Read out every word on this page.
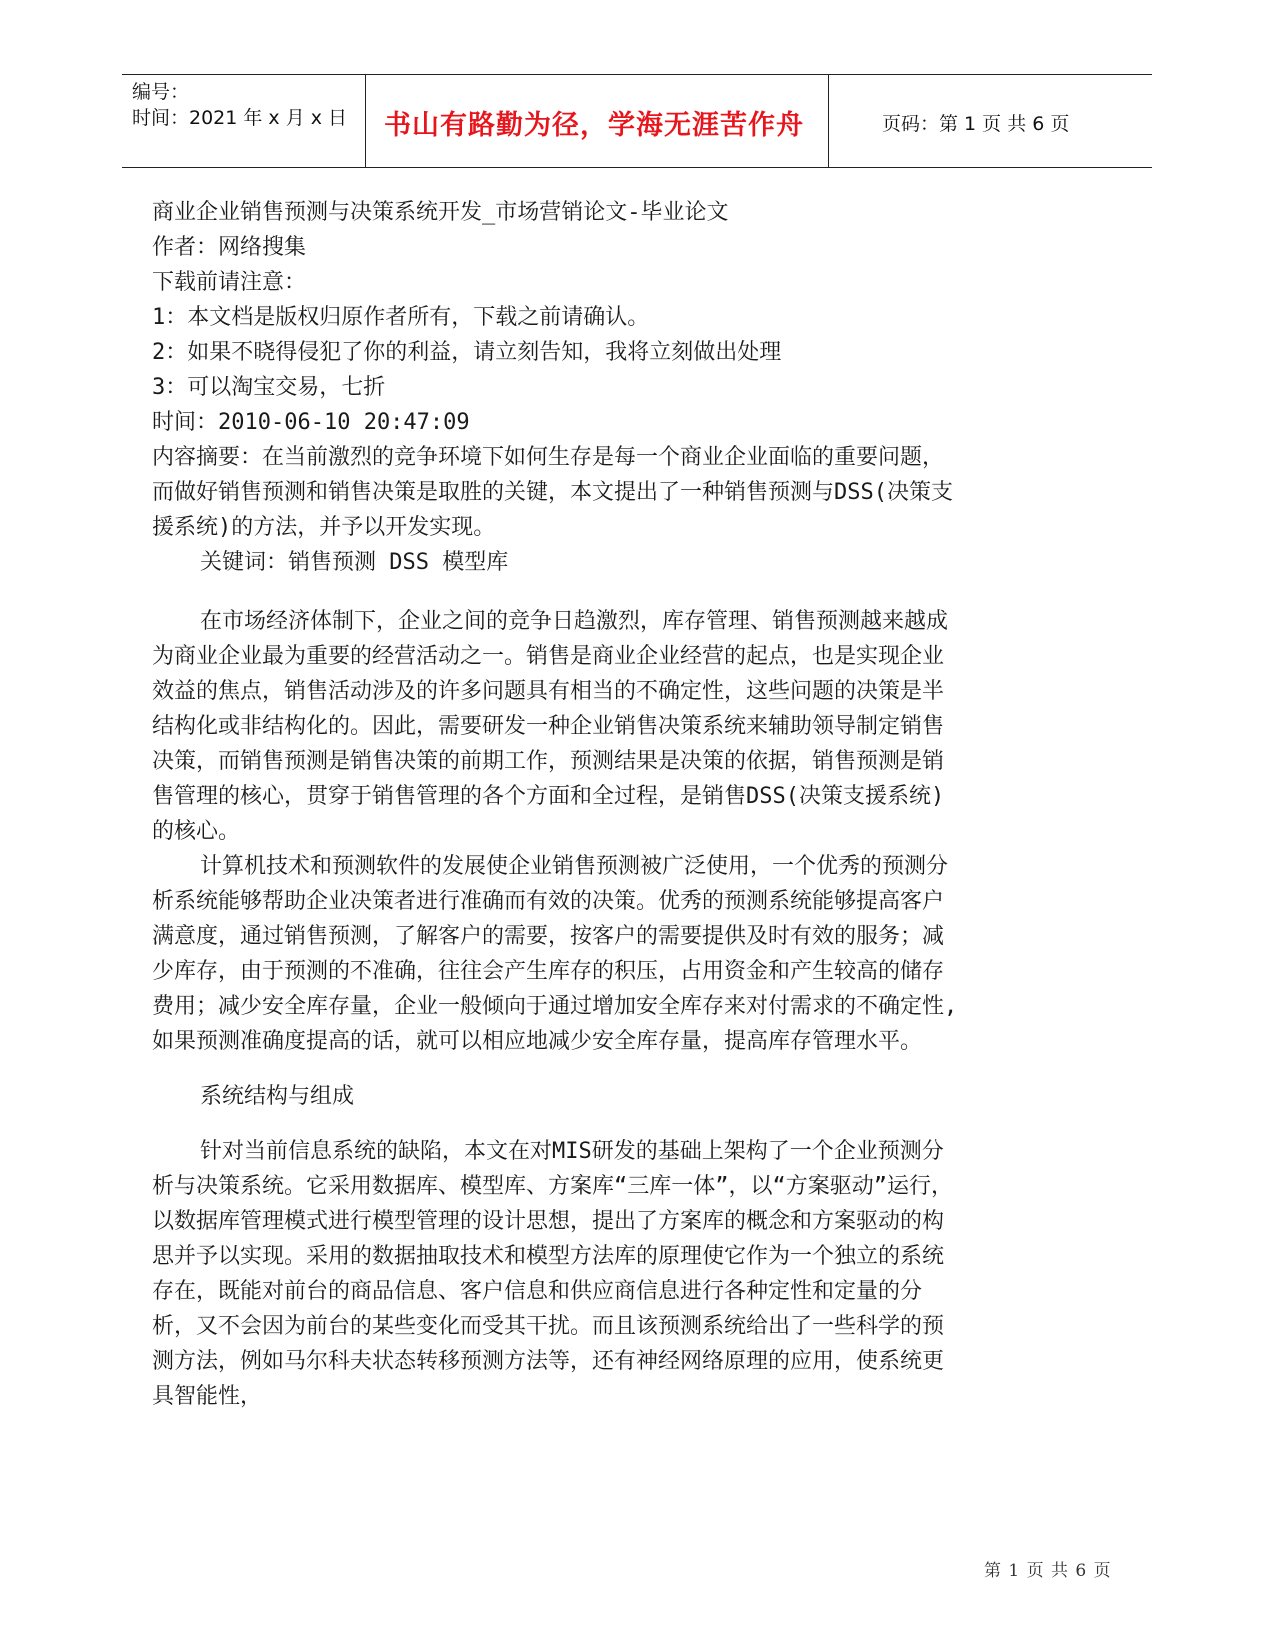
编号：
时间：2021 年 x 月 x 日 书山有路勤为径，学海无涯苦作舟	页码：第 1 页 共 6 页

商业企业销售预测与决策系统开发_市场营销论文-毕业论文

作者：网络搜集

下载前请注意：

1：本文档是版权归原作者所有，下载之前请确认。

2：如果不晓得侵犯了你的利益，请立刻告知，我将立刻做出处理

3：可以淘宝交易，七折

时间：2010-06-10 20:47:09

内容摘要：在当前激烈的竞争环境下如何生存是每一个商业企业面临的重要问题，而做好销售预测和销售决策是取胜的关键，本文提出了一种销售预测与DSS(决策支援系统)的方法，并予以开发实现。

关键词：销售预测 DSS 模型库

在市场经济体制下，企业之间的竞争日趋激烈，库存管理、销售预测越来越成为商业企业最为重要的经营活动之一。销售是商业企业经营的起点，也是实现企业效益的焦点，销售活动涉及的许多问题具有相当的不确定性，这些问题的决策是半结构化或非结构化的。因此，需要研发一种企业销售决策系统来辅助领导制定销售决策，而销售预测是销售决策的前期工作，预测结果是决策的依据，销售预测是销售管理的核心，贯穿于销售管理的各个方面和全过程，是销售DSS(决策支援系统)的核心。

计算机技术和预测软件的发展使企业销售预测被广泛使用，一个优秀的预测分析系统能够帮助企业决策者进行准确而有效的决策。优秀的预测系统能够提高客户满意度，通过销售预测，了解客户的需要，按客户的需要提供及时有效的服务；减少库存，由于预测的不准确，往往会产生库存的积压，占用资金和产生较高的储存费用；减少安全库存量，企业一般倾向于通过增加安全库存来对付需求的不确定性,如果预测准确度提高的话，就可以相应地减少安全库存量，提高库存管理水平。

系统结构与组成

针对当前信息系统的缺陷，本文在对MIS研发的基础上架构了一个企业预测分析与决策系统。它采用数据库、模型库、方案库“三库一体”，以“方案驱动”运行，以数据库管理模式进行模型管理的设计思想，提出了方案库的概念和方案驱动的构思并予以实现。采用的数据抽取技术和模型方法库的原理使它作为一个独立的系统存在，既能对前台的商品信息、客户信息和供应商信息进行各种定性和定量的分析，又不会因为前台的某些变化而受其干扰。而且该预测系统给出了一些科学的预测方法，例如马尔科夫状态转移预测方法等，还有神经网络原理的应用，使系统更具智能性，

第 1 页 共 6 页
